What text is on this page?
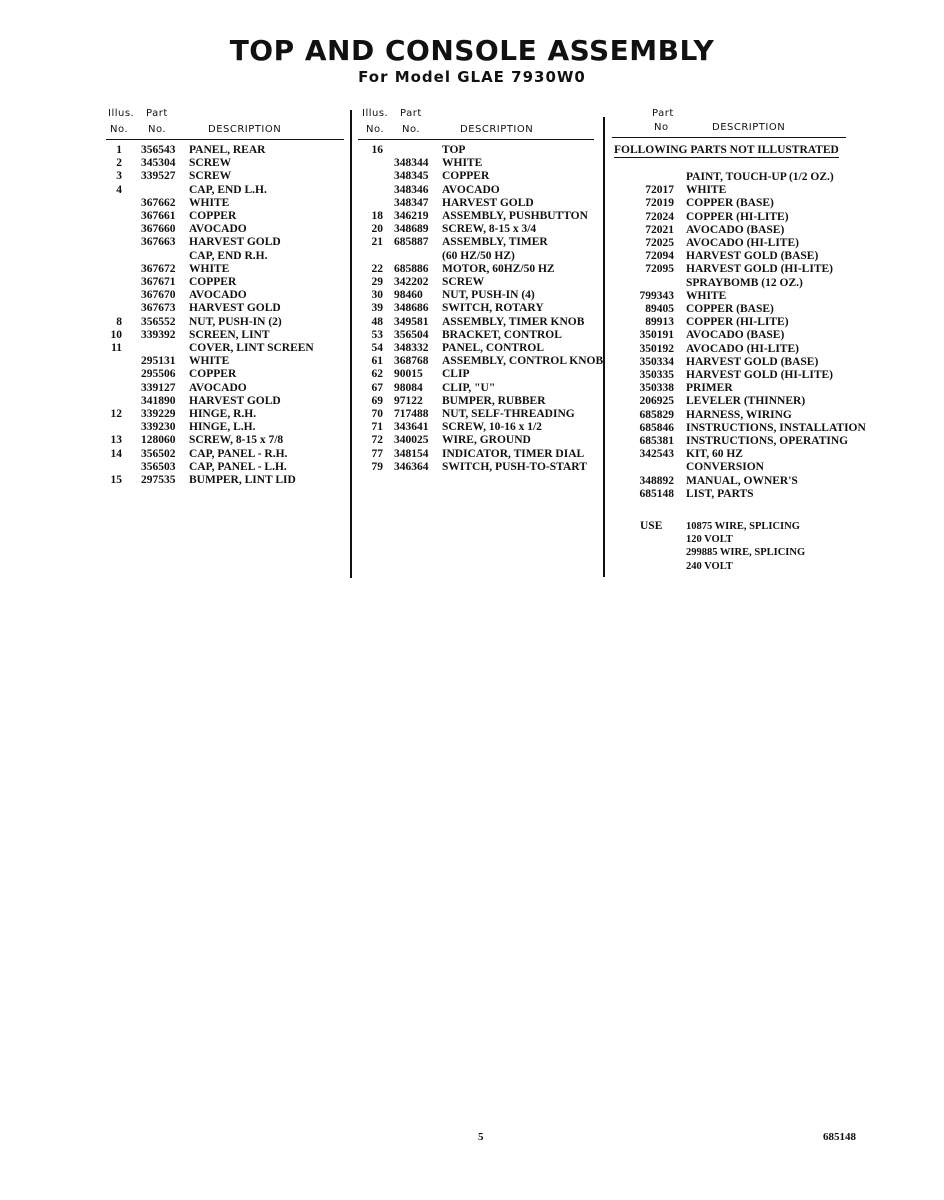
TOP AND CONSOLE ASSEMBLY
For Model GLAE 7930W0
Illus.
No.
Part
No.	DESCRIPTION
Illus.
No.
Part
No.	DESCRIPTION
Part
No	DESCRIPTION
1 356543 PANEL, REAR
2 345304 SCREW
3 339527 SCREW
4	CAP, END L.H.
367662 WHITE
367661 COPPER
367660 AVOCADO
367663 HARVEST GOLD
CAP, END R.H.
367672 WHITE
367671 COPPER
367670 AVOCADO
367673 HARVEST GOLD
8 356552 NUT, PUSH-IN (2)
10 339392 SCREEN, LINT
11	COVER, LINT SCREEN
295131 WHITE
295506 COPPER
339127 AVOCADO
341890 HARVEST GOLD
12 339229 HINGE, R.H.
339230 HINGE, L.H.
13 128060 SCREW, 8-15 x 7/8
14 356502 CAP, PANEL - R.H.
356503 CAP, PANEL - L.H.
15 297535 BUMPER, LINT LID
16	TOP
348344 WHITE
348345 COPPER
348346 AVOCADO
348347 HARVEST GOLD
18 346219 ASSEMBLY, PUSHBUTTON
20 348689 SCREW, 8-15 x 3/4
21 685887 ASSEMBLY, TIMER
(60 HZ/50 HZ)
22 685886 MOTOR, 60HZ/50 HZ
29 342202 SCREW
30 98460 NUT, PUSH-IN (4)
39 348686 SWITCH, ROTARY
48 349581 ASSEMBLY, TIMER KNOB
53 356504 BRACKET, CONTROL
54 348332 PANEL, CONTROL
61 368768 ASSEMBLY, CONTROL KNOB
62 90015 CLIP
67 98084 CLIP, "U"
69 97122 BUMPER, RUBBER
70 717488 NUT, SELF-THREADING
71 343641 SCREW, 10-16 x 1/2
72 340025 WIRE, GROUND
77 348154 INDICATOR, TIMER DIAL
79 346364 SWITCH, PUSH-TO-START
FOLLOWING PARTS NOT ILLUSTRATED
PAINT, TOUCH-UP (1/2 OZ.)
72017 WHITE
72019 COPPER (BASE)
72024 COPPER (HI-LITE)
72021 AVOCADO (BASE)
72025 AVOCADO (HI-LITE)
72094 HARVEST GOLD (BASE)
72095 HARVEST GOLD (HI-LITE)
SPRAYBOMB (12 OZ.)
799343 WHITE
89405 COPPER (BASE)
89913 COPPER (HI-LITE)
350191 AVOCADO (BASE)
350192 AVOCADO (HI-LITE)
350334 HARVEST GOLD (BASE)
350335 HARVEST GOLD (HI-LITE)
350338 PRIMER
206925 LEVELER (THINNER)
685829 HARNESS, WIRING
685846 INSTRUCTIONS, INSTALLATION
685381 INSTRUCTIONS, OPERATING
342543 KIT, 60 HZ
CONVERSION
348892 MANUAL, OWNER'S
685148 LIST, PARTS
USE 10875 WIRE, SPLICING
120 VOLT
299885 WIRE, SPLICING
240 VOLT
5	685148
